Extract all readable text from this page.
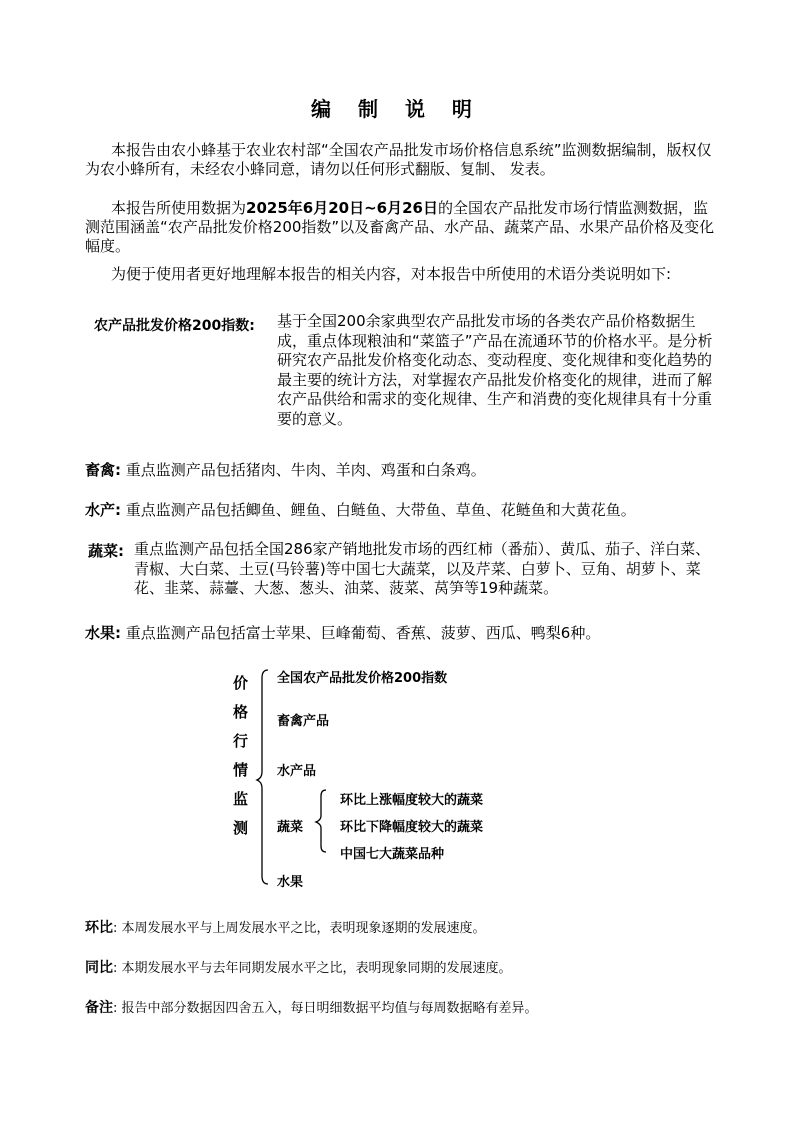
编 制 说 明

本报告由农小蜂基于农业农村部“全国农产品批发市场价格信息系统”监测数据编制，版权仅为农小蜂所有，未经农小蜂同意，请勿以任何形式翻版、复制、 发表。

本报告所使用数据为2025年6月20日~6月26日的全国农产品批发市场行情监测数据，监测范围涵盖“农产品批发价格200指数”以及畜禽产品、水产品、蔬菜产品、水果产品价格及变化幅度。

为便于使用者更好地理解本报告的相关内容，对本报告中所使用的术语分类说明如下:

农产品批发价格200指数: 基于全国200余家典型农产品批发市场的各类农产品价格数据生成，重点体现粮油和“菜篮子”产品在流通环节的价格水平。是分析研究农产品批发价格变化动态、变动程度、变化规律和变化趋势的最主要的统计方法，对掌握农产品批发价格变化的规律，进而了解农产品供给和需求的变化规律、生产和消费的变化规律具有十分重要的意义。
畜禽: 重点监测产品包括猪肉、牛肉、羊肉、鸡蛋和白条鸡。
水产: 重点监测产品包括鲫鱼、鲤鱼、白鲢鱼、大带鱼、草鱼、花鲢鱼和大黄花鱼。
蔬菜: 重点监测产品包括全国286家产销地批发市场的西红柿（番茄）、黄瓜、茄子、洋白菜、青椒、大白菜、土豆(马铃薯)等中国七大蔬菜，以及芹菜、白萝卜、豆角、胡萝卜、菜花、韭菜、蒜薹、大葱、葱头、油菜、菠菜、莴笋等19种蔬菜。
水果: 重点监测产品包括富士苹果、巨峰葡萄、香蕉、菠萝、西瓜、鸭梨6种。
价
格
行
情
监
测
全国农产品批发价格200指数
畜禽产品
水产品
蔬菜
水果
环比上涨幅度较大的蔬菜
环比下降幅度较大的蔬菜
中国七大蔬菜品种
环比: 本周发展水平与上周发展水平之比，表明现象逐期的发展速度。
同比: 本期发展水平与去年同期发展水平之比，表明现象同期的发展速度。
备注: 报告中部分数据因四舍五入，每日明细数据平均值与每周数据略有差异。
